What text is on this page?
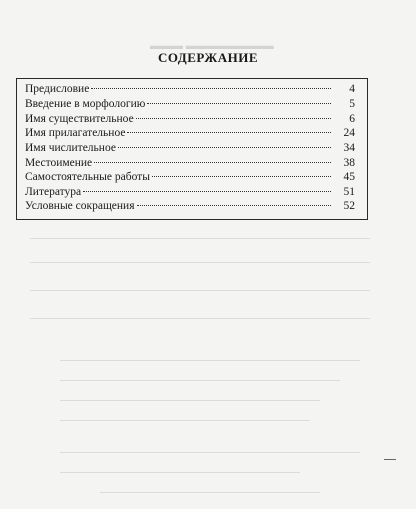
▬▬▬ ▬▬▬▬▬▬▬▬
СОДЕРЖАНИЕ
Предисловие	4
Введение в морфологию	5
Имя существительное	6
Имя прилагательное	24
Имя числительное	34
Местоимение	38
Самостоятельные работы	45
Литература	51
Условные сокращения	52
